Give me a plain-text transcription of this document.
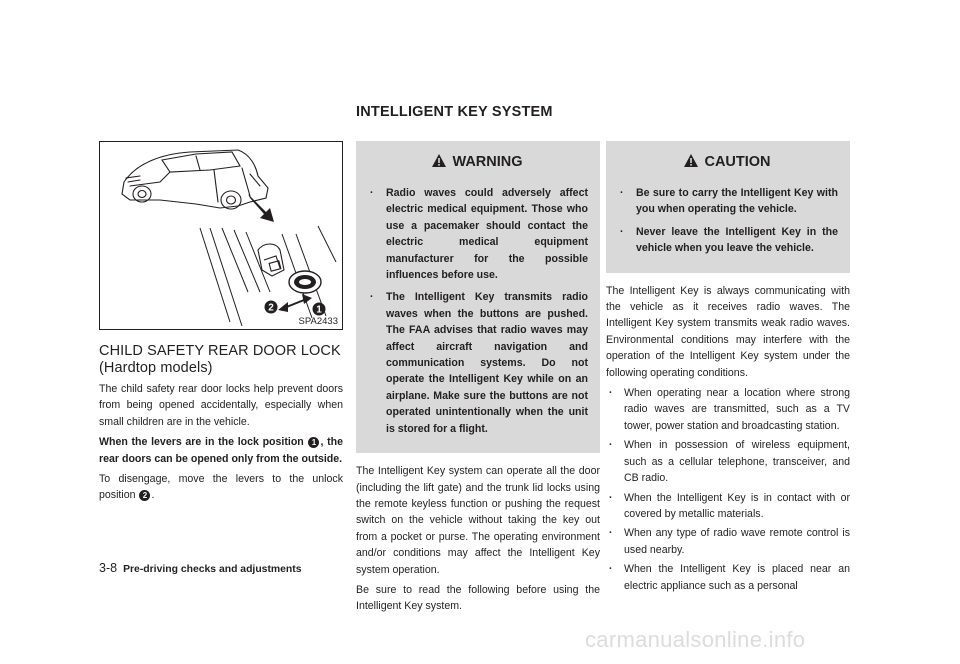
INTELLIGENT KEY SYSTEM
2	1
SPA2433
CHILD SAFETY REAR DOOR LOCK
(Hardtop models)

The child safety rear door locks help prevent doors from being opened accidentally, especially when small children are in the vehicle.

When the levers are in the lock position 1 , the rear doors can be opened only from the outside.

To disengage, move the levers to the unlock position 2 .

WARNING
. Radio waves could adversely affect electric medical equipment. Those who use a pacemaker should contact the electric medical equipment manufacturer for the possible influences before use.
. The Intelligent Key transmits radio waves when the buttons are pushed. The FAA advises that radio waves may affect aircraft navigation and communication systems. Do not operate the Intelligent Key while on an airplane. Make sure the buttons are not operated unintentionally when the unit is stored for a flight.

The Intelligent Key system can operate all the door (including the lift gate) and the trunk lid locks using the remote keyless function or pushing the request switch on the vehicle without taking the key out from a pocket or purse. The operating environment and/or conditions may affect the Intelligent Key system operation.

Be sure to read the following before using the Intelligent Key system.

CAUTION
. Be sure to carry the Intelligent Key with you when operating the vehicle.
. Never leave the Intelligent Key in the vehicle when you leave the vehicle.

The Intelligent Key is always communicating with the vehicle as it receives radio waves. The Intelligent Key system transmits weak radio waves. Environmental conditions may interfere with the operation of the Intelligent Key system under the following operating conditions.

. When operating near a location where strong radio waves are transmitted, such as a TV tower, power station and broadcasting station.
. When in possession of wireless equipment, such as a cellular telephone, transceiver, and CB radio.
. When the Intelligent Key is in contact with or covered by metallic materials.
. When any type of radio wave remote control is used nearby.
. When the Intelligent Key is placed near an electric appliance such as a personal
3-8 Pre-driving checks and adjustments
carmanualsonline.info
